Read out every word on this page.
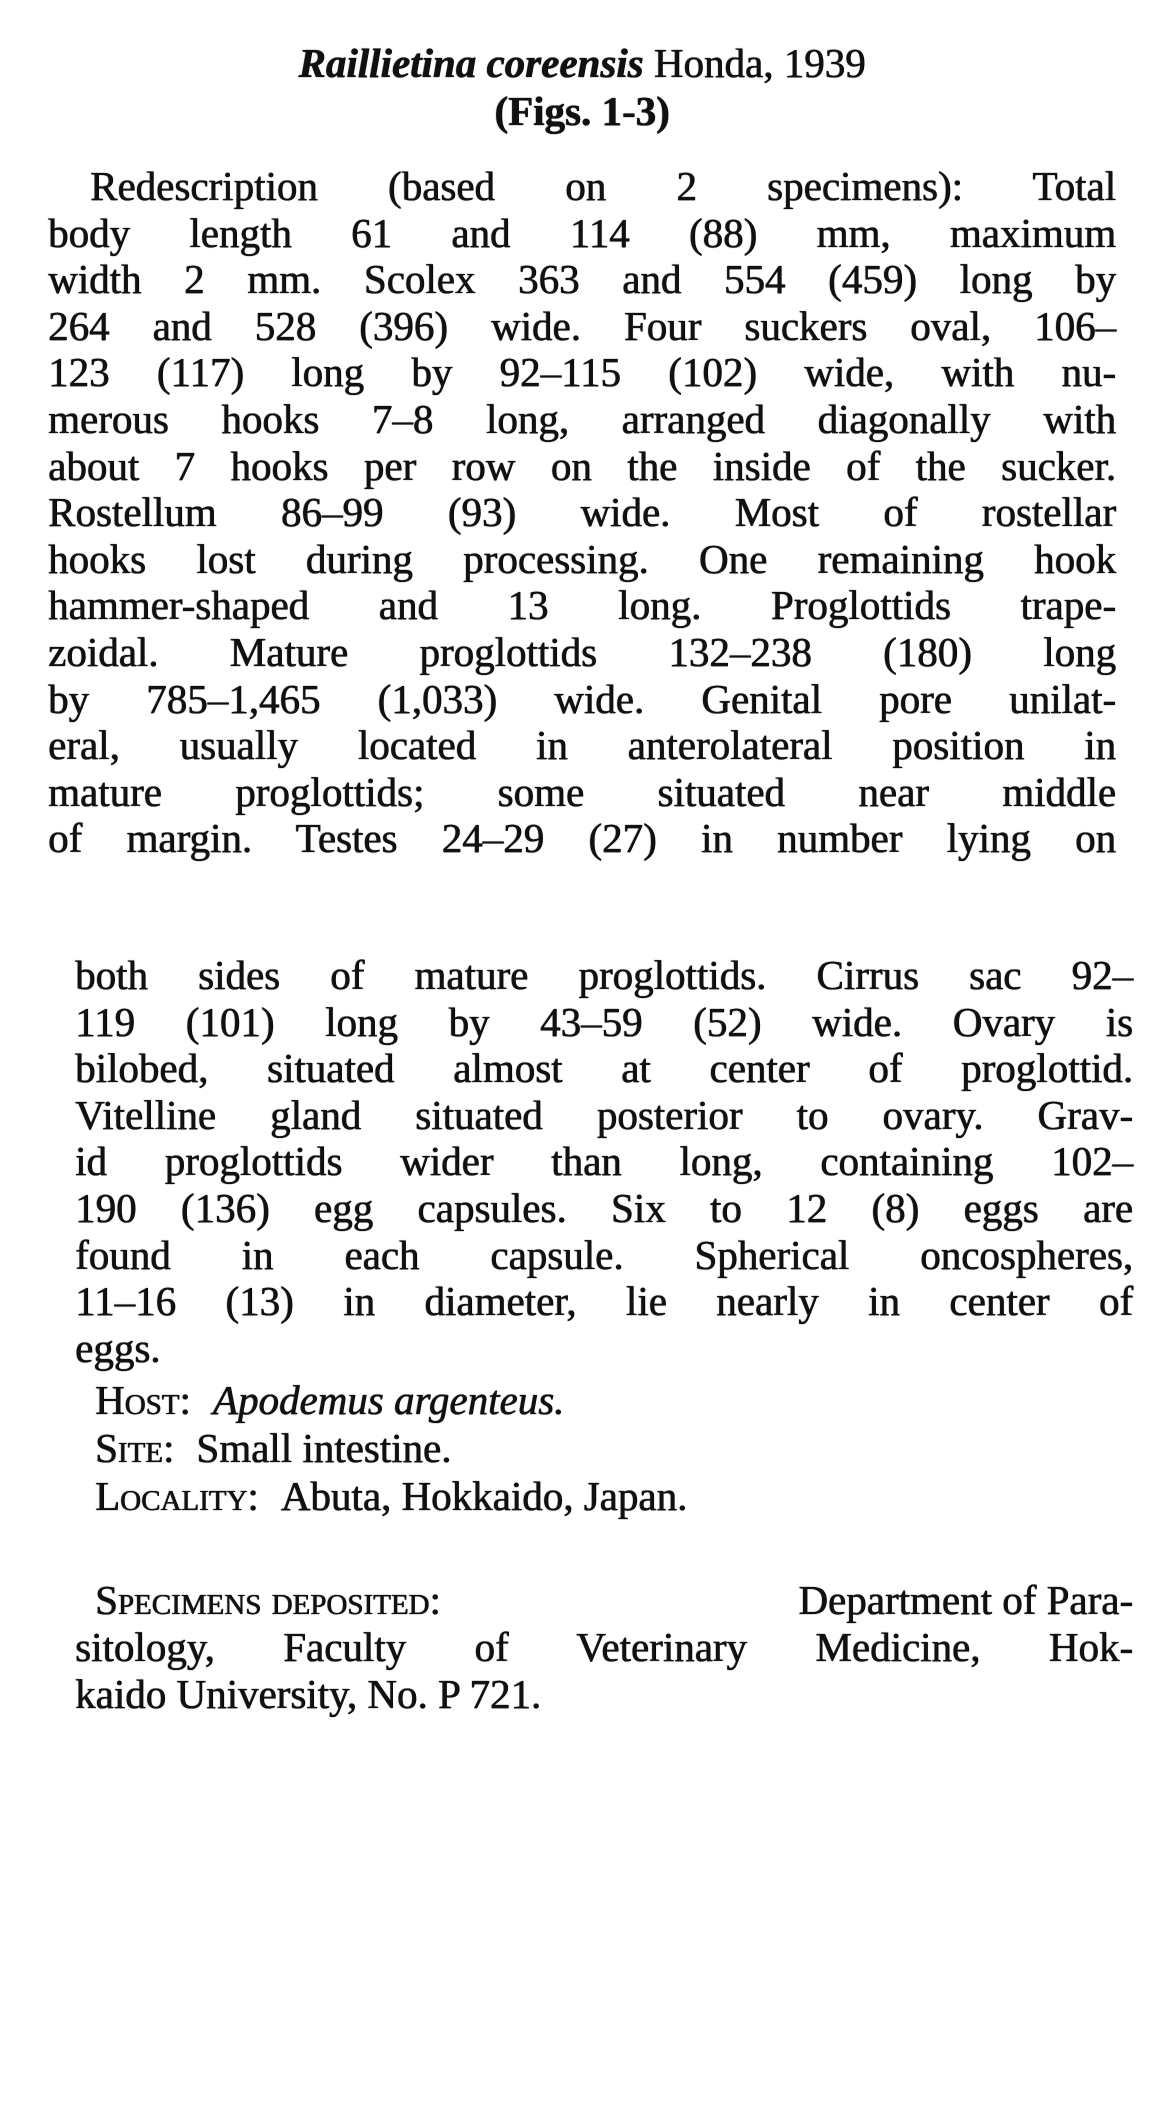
Raillietina coreensis Honda, 1939
(Figs. 1-3)
Redescription (based on 2 specimens): Total
body length 61 and 114 (88) mm, maximum
width 2 mm. Scolex 363 and 554 (459) long by
264 and 528 (396) wide. Four suckers oval, 106–
123 (117) long by 92–115 (102) wide, with nu-
merous hooks 7–8 long, arranged diagonally with
about 7 hooks per row on the inside of the sucker.
Rostellum 86–99 (93) wide. Most of rostellar
hooks lost during processing. One remaining hook
hammer-shaped and 13 long. Proglottids trape-
zoidal. Mature proglottids 132–238 (180) long
by 785–1,465 (1,033) wide. Genital pore unilat-
eral, usually located in anterolateral position in
mature proglottids; some situated near middle
of margin. Testes 24–29 (27) in number lying on
both sides of mature proglottids. Cirrus sac 92–
119 (101) long by 43–59 (52) wide. Ovary is
bilobed, situated almost at center of proglottid.
Vitelline gland situated posterior to ovary. Grav-
id proglottids wider than long, containing 102–
190 (136) egg capsules. Six to 12 (8) eggs are
found in each capsule. Spherical oncospheres,
11–16 (13) in diameter, lie nearly in center of
eggs.
Host: Apodemus argenteus.
Site: Small intestine.
Locality: Abuta, Hokkaido, Japan.
Specimens deposited:	Department of Para-
sitology, Faculty of Veterinary Medicine, Hok-
kaido University, No. P 721.
